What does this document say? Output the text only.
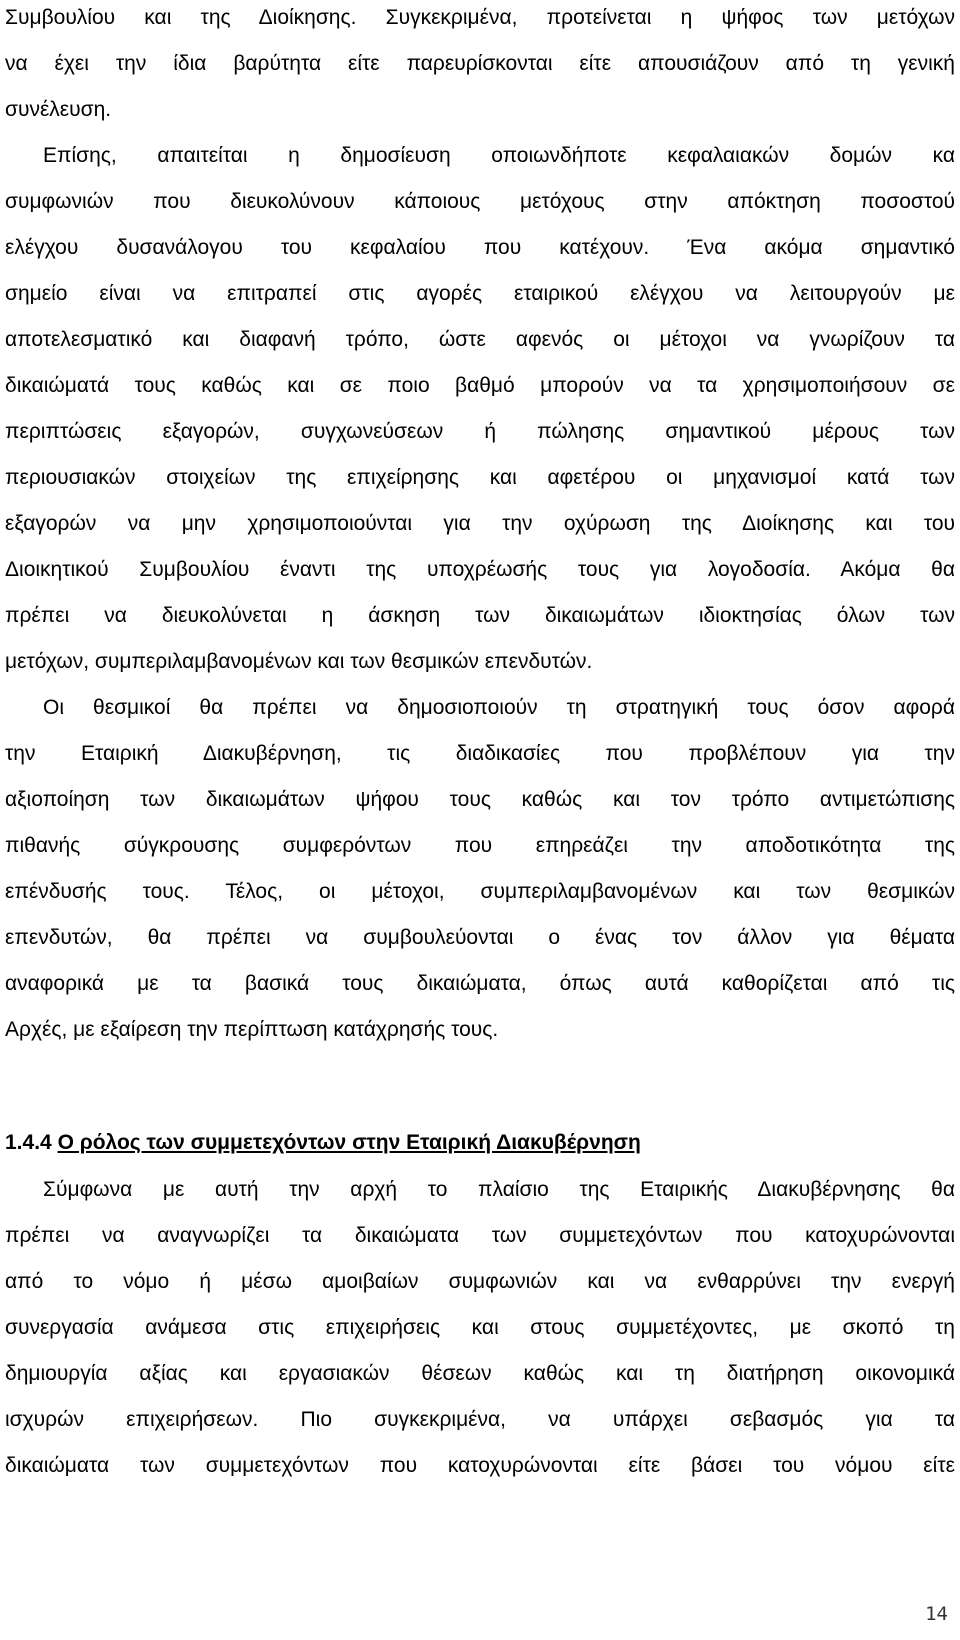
Συμβουλίου και της Διοίκησης. Συγκεκριμένα, προτείνεται η ψήφος των μετόχων
να έχει την ίδια βαρύτητα είτε παρευρίσκονται είτε απουσιάζουν από τη γενική
συνέλευση.
Επίσης, απαιτείται η δημοσίευση οποιωνδήποτε κεφαλαιακών δομών κα
συμφωνιών που διευκολύνουν κάποιους μετόχους στην απόκτηση ποσοστού
ελέγχου δυσανάλογου του κεφαλαίου που κατέχουν. Ένα ακόμα σημαντικό
σημείο είναι να επιτραπεί στις αγορές εταιρικού ελέγχου να λειτουργούν με
αποτελεσματικό και διαφανή τρόπο, ώστε αφενός οι μέτοχοι να γνωρίζουν τα
δικαιώματά τους καθώς και σε ποιο βαθμό μπορούν να τα χρησιμοποιήσουν σε
περιπτώσεις εξαγορών, συγχωνεύσεων ή πώλησης σημαντικού μέρους των
περιουσιακών στοιχείων της επιχείρησης και αφετέρου οι μηχανισμοί κατά των
εξαγορών να μην χρησιμοποιούνται για την οχύρωση της Διοίκησης και του
Διοικητικού Συμβουλίου έναντι της υποχρέωσής τους για λογοδοσία. Ακόμα θα
πρέπει να διευκολύνεται η άσκηση των δικαιωμάτων ιδιοκτησίας όλων των
μετόχων, συμπεριλαμβανομένων και των θεσμικών επενδυτών.
Οι θεσμικοί θα πρέπει να δημοσιοποιούν τη στρατηγική τους όσον αφορά
την Εταιρική Διακυβέρνηση, τις διαδικασίες που προβλέπουν για την
αξιοποίηση των δικαιωμάτων ψήφου τους καθώς και τον τρόπο αντιμετώπισης
πιθανής σύγκρουσης συμφερόντων που επηρεάζει την αποδοτικότητα της
επένδυσής τους. Τέλος, οι μέτοχοι, συμπεριλαμβανομένων και των θεσμικών
επενδυτών, θα πρέπει να συμβουλεύονται ο ένας τον άλλον για θέματα
αναφορικά με τα βασικά τους δικαιώματα, όπως αυτά καθορίζεται από τις
Αρχές, με εξαίρεση την περίπτωση κατάχρησής τους.
1.4.4 Ο ρόλος των συμμετεχόντων στην Εταιρική Διακυβέρνηση
Σύμφωνα με αυτή την αρχή το πλαίσιο της Εταιρικής Διακυβέρνησης θα
πρέπει να αναγνωρίζει τα δικαιώματα των συμμετεχόντων που κατοχυρώνονται
από το νόμο ή μέσω αμοιβαίων συμφωνιών και να ενθαρρύνει την ενεργή
συνεργασία ανάμεσα στις επιχειρήσεις και στους συμμετέχοντες, με σκοπό τη
δημιουργία αξίας και εργασιακών θέσεων καθώς και τη διατήρηση οικονομικά
ισχυρών επιχειρήσεων. Πιο συγκεκριμένα, να υπάρχει σεβασμός για τα
δικαιώματα των συμμετεχόντων που κατοχυρώνονται είτε βάσει του νόμου είτε
14
